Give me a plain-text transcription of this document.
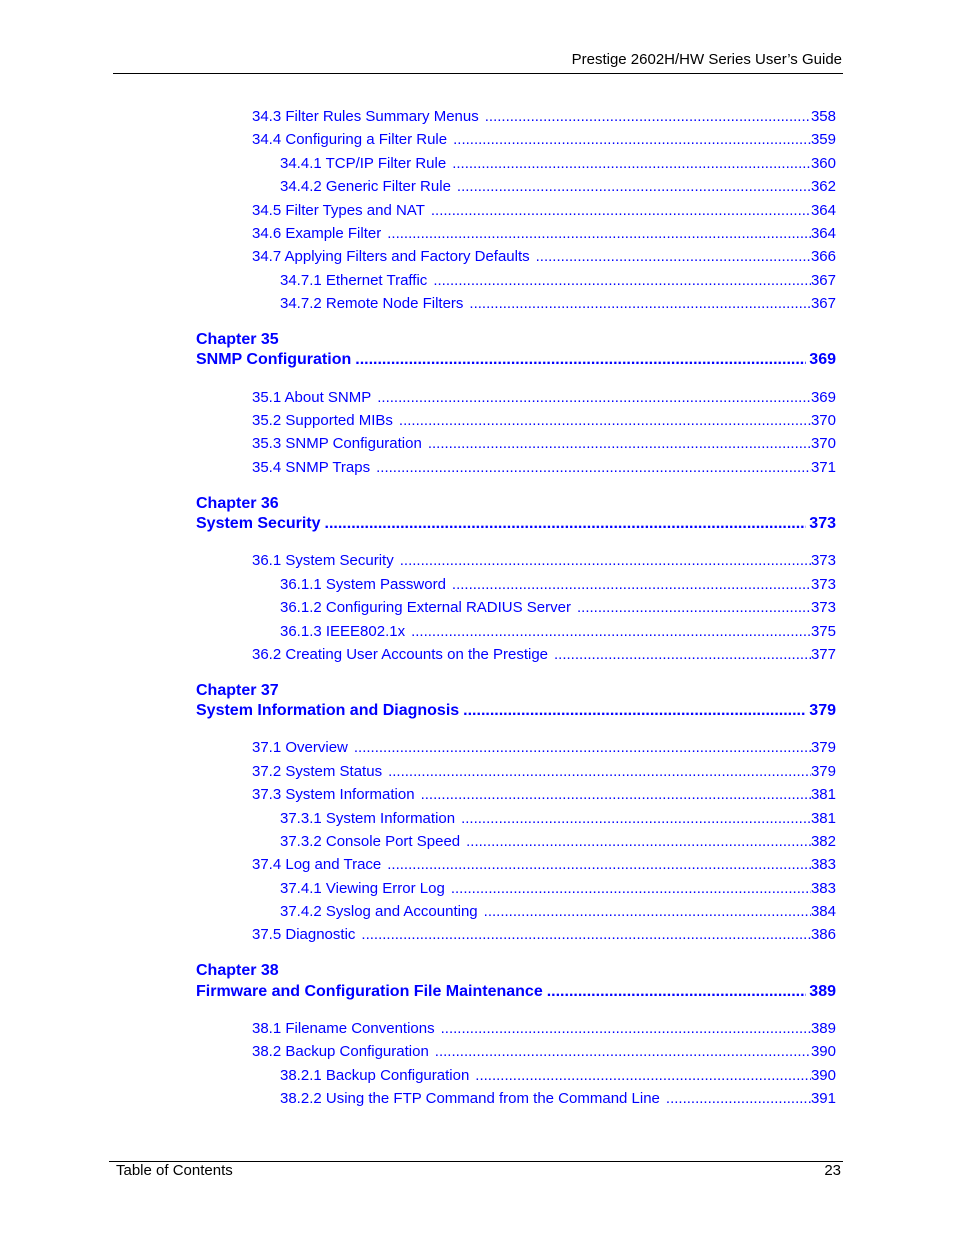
Prestige 2602H/HW Series User’s Guide
34.3 Filter Rules Summary Menus .....	358
34.4 Configuring a Filter Rule .....	359
34.4.1 TCP/IP Filter Rule .....	360
34.4.2 Generic Filter Rule .....	362
34.5 Filter Types and NAT .....	364
34.6 Example Filter .....	364
34.7 Applying Filters and Factory Defaults .....	366
34.7.1 Ethernet Traffic .....	367
34.7.2 Remote Node Filters .....	367
Chapter 35
SNMP Configuration .....	369
35.1 About SNMP .....	369
35.2 Supported MIBs .....	370
35.3 SNMP Configuration .....	370
35.4 SNMP Traps .....	371
Chapter 36
System Security .....	373
36.1 System Security .....	373
36.1.1 System Password .....	373
36.1.2 Configuring External RADIUS Server .....	373
36.1.3 IEEE802.1x .....	375
36.2 Creating User Accounts on the Prestige .....	377
Chapter 37
System Information and Diagnosis .....	379
37.1 Overview .....	379
37.2 System Status .....	379
37.3 System Information .....	381
37.3.1 System Information .....	381
37.3.2 Console Port Speed .....	382
37.4 Log and Trace .....	383
37.4.1 Viewing Error Log .....	383
37.4.2 Syslog and Accounting .....	384
37.5 Diagnostic .....	386
Chapter 38
Firmware and Configuration File Maintenance .....	389
38.1 Filename Conventions .....	389
38.2 Backup Configuration .....	390
38.2.1 Backup Configuration .....	390
38.2.2 Using the FTP Command from the Command Line .....	391
Table of Contents	23
